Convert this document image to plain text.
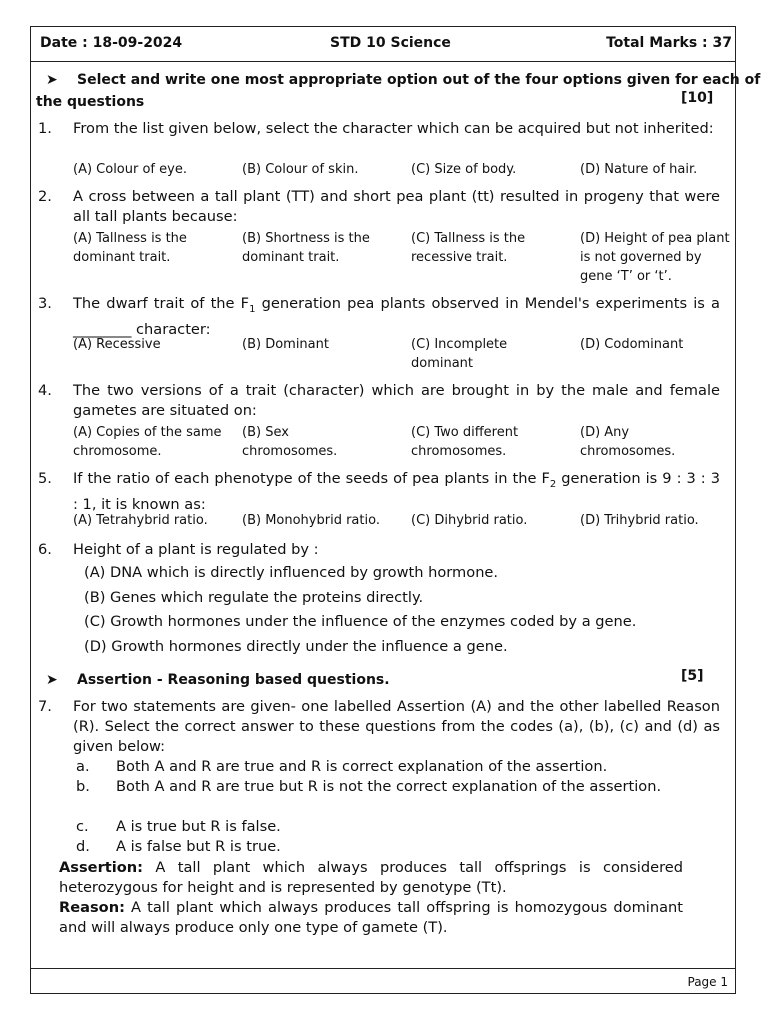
Date : 18-09-2024	STD 10 Science	Total Marks : 37
➤ Select and write one most appropriate option out of the four options given for each of
the questions	[10]
1. From the list given below, select the character which can be acquired but not inherited:
(A) Colour of eye.	(B) Colour of skin.	(C) Size of body.	(D) Nature of hair.
2. A cross between a tall plant (TT) and short pea plant (tt) resulted in progeny that were all tall plants because:
(A) Tallness is the dominant trait.
(B) Shortness is the dominant trait.
(C) Tallness is the recessive trait.
(D) Height of pea plant is not governed by gene ‘T’ or ‘t’.
3. The dwarf trait of the $F_1$ generation pea plants observed in Mendel's experiments is a ________ character:
(A) Recessive	(B) Dominant	(C) Incomplete dominant
(D) Codominant
4. The two versions of a trait (character) which are brought in by the male and female gametes are situated on:
(A) Copies of the same chromosome.
(B) Sex chromosomes.
(C) Two different chromosomes.
(D) Any chromosomes.
5. If the ratio of each phenotype of the seeds of pea plants in the $F_2$ generation is 9 : 3 : 3 : 1, it is known as:
(A) Tetrahybrid ratio.	(B) Monohybrid ratio.	(C) Dihybrid ratio.	(D) Trihybrid ratio.
6. Height of a plant is regulated by :
(A) DNA which is directly influenced by growth hormone.
(B) Genes which regulate the proteins directly.
(C) Growth hormones under the influence of the enzymes coded by a gene.
(D) Growth hormones directly under the influence a gene.
➤ Assertion - Reasoning based questions.	[5]
7. For two statements are given- one labelled Assertion (A) and the other labelled Reason (R). Select the correct answer to these questions from the codes (a), (b), (c) and (d) as given below:
a. Both A and R are true and R is correct explanation of the assertion.
b. Both A and R are true but R is not the correct explanation of the assertion.
c. A is true but R is false.
d. A is false but R is true.
Assertion: A tall plant which always produces tall offsprings is considered heterozygous for height and is represented by genotype (Tt).
Reason: A tall plant which always produces tall offspring is homozygous dominant and will always produce only one type of gamete (T).
Page 1
